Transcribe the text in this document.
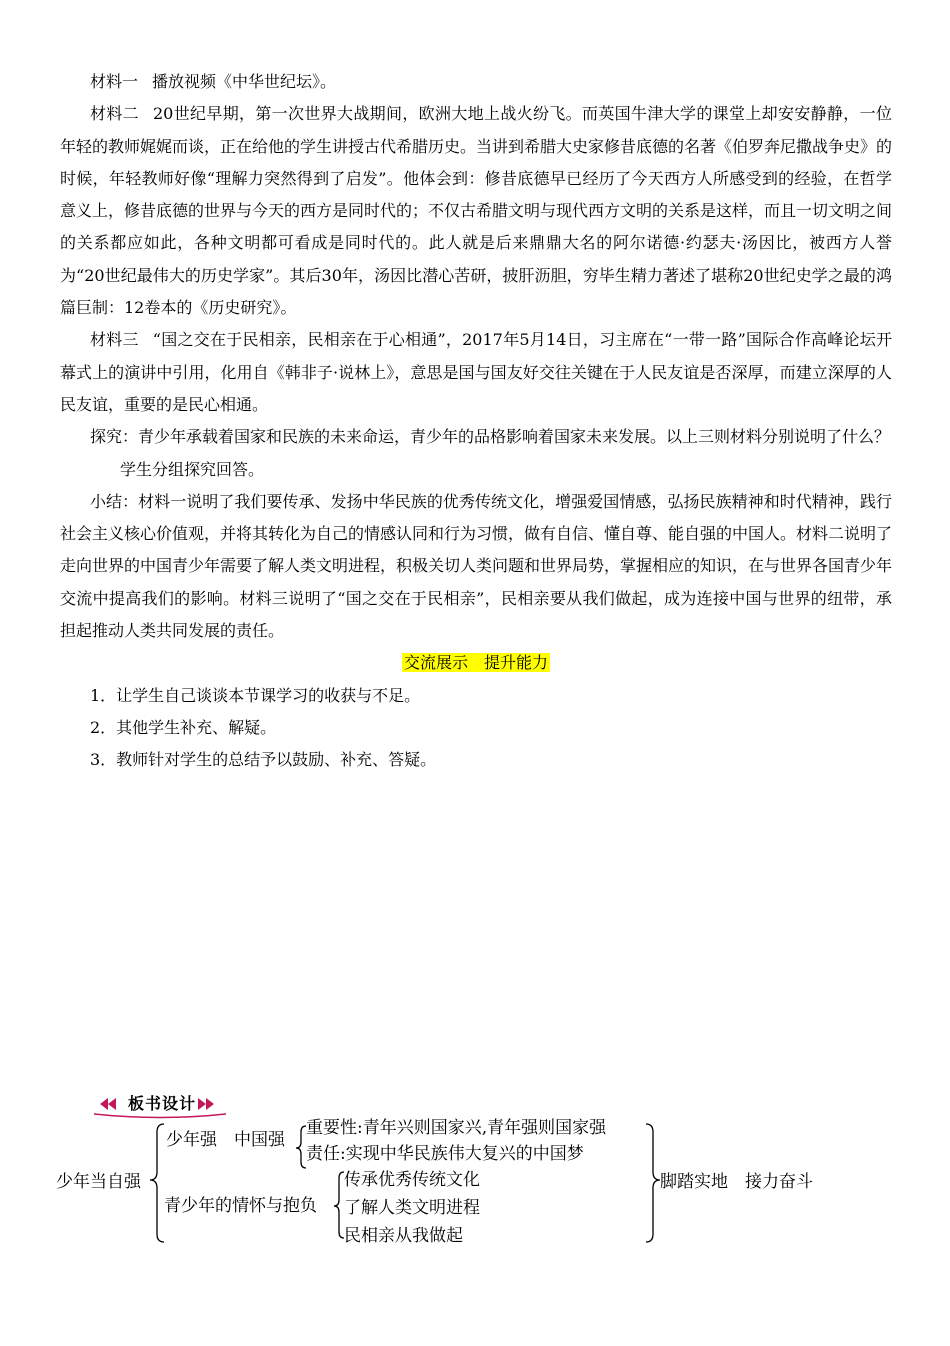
材料一 播放视频《中华世纪坛》。

材料二 20世纪早期，第一次世界大战期间，欧洲大地上战火纷飞。而英国牛津大学的课堂上却安安静静，一位年轻的教师娓娓而谈，正在给他的学生讲授古代希腊历史。当讲到希腊大史家修昔底德的名著《伯罗奔尼撒战争史》的时候，年轻教师好像“理解力突然得到了启发”。他体会到：修昔底德早已经历了今天西方人所感受到的经验，在哲学意义上，修昔底德的世界与今天的西方是同时代的；不仅古希腊文明与现代西方文明的关系是这样，而且一切文明之间的关系都应如此，各种文明都可看成是同时代的。此人就是后来鼎鼎大名的阿尔诺德·约瑟夫·汤因比，被西方人誉为“20世纪最伟大的历史学家”。其后30年，汤因比潜心苦研，披肝沥胆，穷毕生精力著述了堪称20世纪史学之最的鸿篇巨制：12卷本的《历史研究》。

材料三 “国之交在于民相亲，民相亲在于心相通”，2017年5月14日，习主席在“一带一路”国际合作高峰论坛开幕式上的演讲中引用，化用自《韩非子·说林上》，意思是国与国友好交往关键在于人民友谊是否深厚，而建立深厚的人民友谊，重要的是民心相通。

探究：青少年承载着国家和民族的未来命运，青少年的品格影响着国家未来发展。以上三则材料分别说明了什么？

学生分组探究回答。

小结：材料一说明了我们要传承、发扬中华民族的优秀传统文化，增强爱国情感，弘扬民族精神和时代精神，践行社会主义核心价值观，并将其转化为自己的情感认同和行为习惯，做有自信、懂自尊、能自强的中国人。材料二说明了走向世界的中国青少年需要了解人类文明进程，积极关切人类问题和世界局势，掌握相应的知识，在与世界各国青少年交流中提高我们的影响。材料三说明了“国之交在于民相亲”，民相亲要从我们做起，成为连接中国与世界的纽带，承担起推动人类共同发展的责任。

交流展示　提升能力

1．让学生自己谈谈本节课学习的收获与不足。

2．其他学生补充、解疑。

3．教师针对学生的总结予以鼓励、补充、答疑。

板书设计
少年当自强
少年强　中国强
重要性:青年兴则国家兴,青年强则国家强
责任:实现中华民族伟大复兴的中国梦
青少年的情怀与抱负
传承优秀传统文化
了解人类文明进程
民相亲从我做起
脚踏实地　接力奋斗
